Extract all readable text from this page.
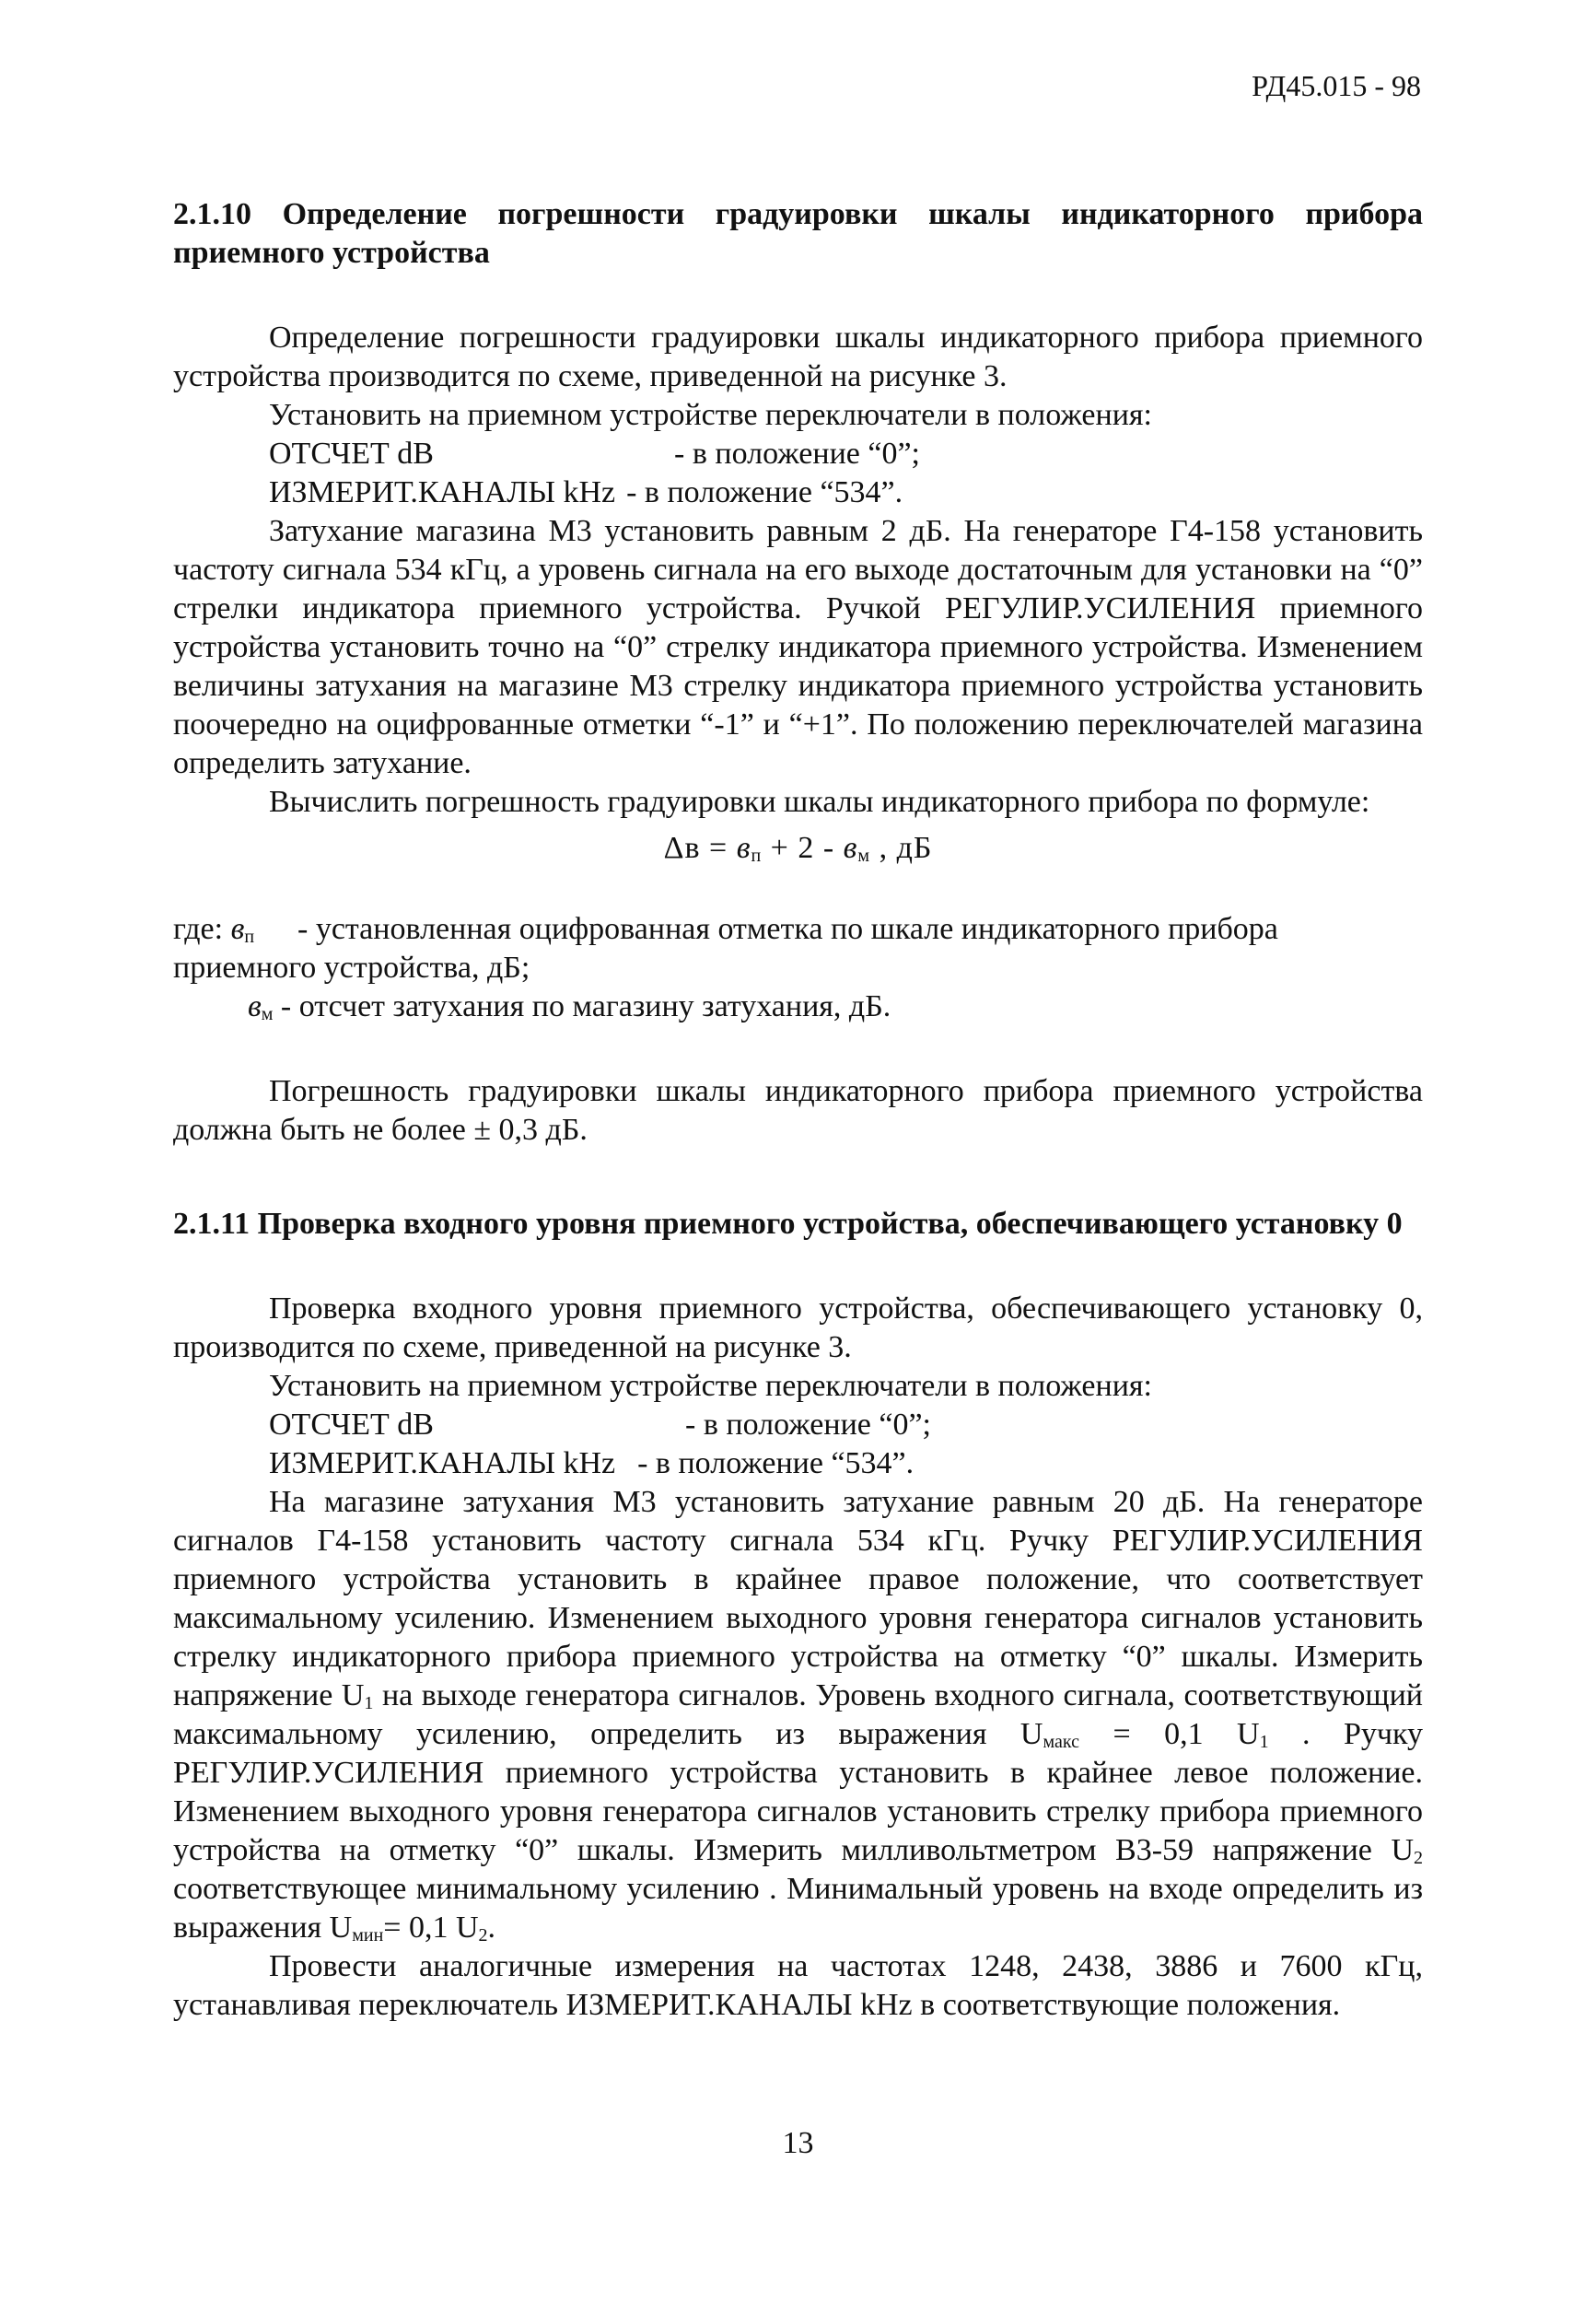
РД45.015 - 98

2.1.10 Определение погрешности градуировки шкалы индикаторного прибора приемного устройства

Определение погрешности градуировки шкалы индикаторного прибора приемного устройства производится по схеме, приведенной на рисунке 3.

Установить на приемном устройстве переключатели в положения:

ОТСЧЕТ dB	- в положение “0”;
ИЗМЕРИТ.КАНАЛЫ kHz - в положение “534”.

Затухание магазина М3 установить равным 2 дБ. На генераторе Г4-158 установить частоту сигнала 534 кГц, а уровень сигнала на его выходе достаточным для установки на “0” стрелки индикатора приемного устройства. Ручкой РЕГУЛИР.УСИЛЕНИЯ приемного устройства установить точно на “0” стрелку индикатора приемного устройства. Изменением величины затухания на магазине М3 стрелку индикатора приемного устройства установить поочередно на оцифрованные отметки “-1” и “+1”. По положению переключателей магазина определить затухание.

Вычислить погрешность градуировки шкалы индикаторного прибора по формуле:

$\Delta в = в_п + 2 - в_м$ , дБ
где: $в_п$	- установленная оцифрованная отметка по шкале индикаторного прибора
приемного устройства, дБ;
$в_м$ - отсчет затухания по магазину затухания, дБ.

Погрешность градуировки шкалы индикаторного прибора приемного устройства должна быть не более ± 0,3 дБ.

2.1.11 Проверка входного уровня приемного устройства, обеспечивающего установку 0

Проверка входного уровня приемного устройства, обеспечивающего установку 0, производится по схеме, приведенной на рисунке 3.

Установить на приемном устройстве переключатели в положения:

ОТСЧЕТ dB	- в положение “0”;
ИЗМЕРИТ.КАНАЛЫ kHz - в положение “534”.

На магазине затухания М3 установить затухание равным 20 дБ. На генераторе сигналов Г4-158 установить частоту сигнала 534 кГц. Ручку РЕГУЛИР.УСИЛЕНИЯ приемного устройства установить в крайнее правое положение, что соответствует максимальному усилению. Изменением выходного уровня генератора сигналов установить стрелку индикаторного прибора приемного устройства на отметку “0” шкалы. Измерить напряжение $U_1$ на выходе генератора сигналов. Уровень входного сигнала, соответствующий максимальному усилению, определить из выражения $U_{макс} = 0,1$ $U_1$ . Ручку РЕГУЛИР.УСИЛЕНИЯ приемного устройства установить в крайнее левое положение. Изменением выходного уровня генератора сигналов установить стрелку прибора приемного устройства на отметку “0” шкалы. Измерить милливольтметром В3-59 напряжение $U_2$ соответствующее минимальному усилению . Минимальный уровень на входе определить из выражения $U_{мин}= 0,1$ $U_2$.

Провести аналогичные измерения на частотах 1248, 2438, 3886 и 7600 кГц, устанавливая переключатель ИЗМЕРИТ.КАНАЛЫ kHz в соответствующие положения.

13
